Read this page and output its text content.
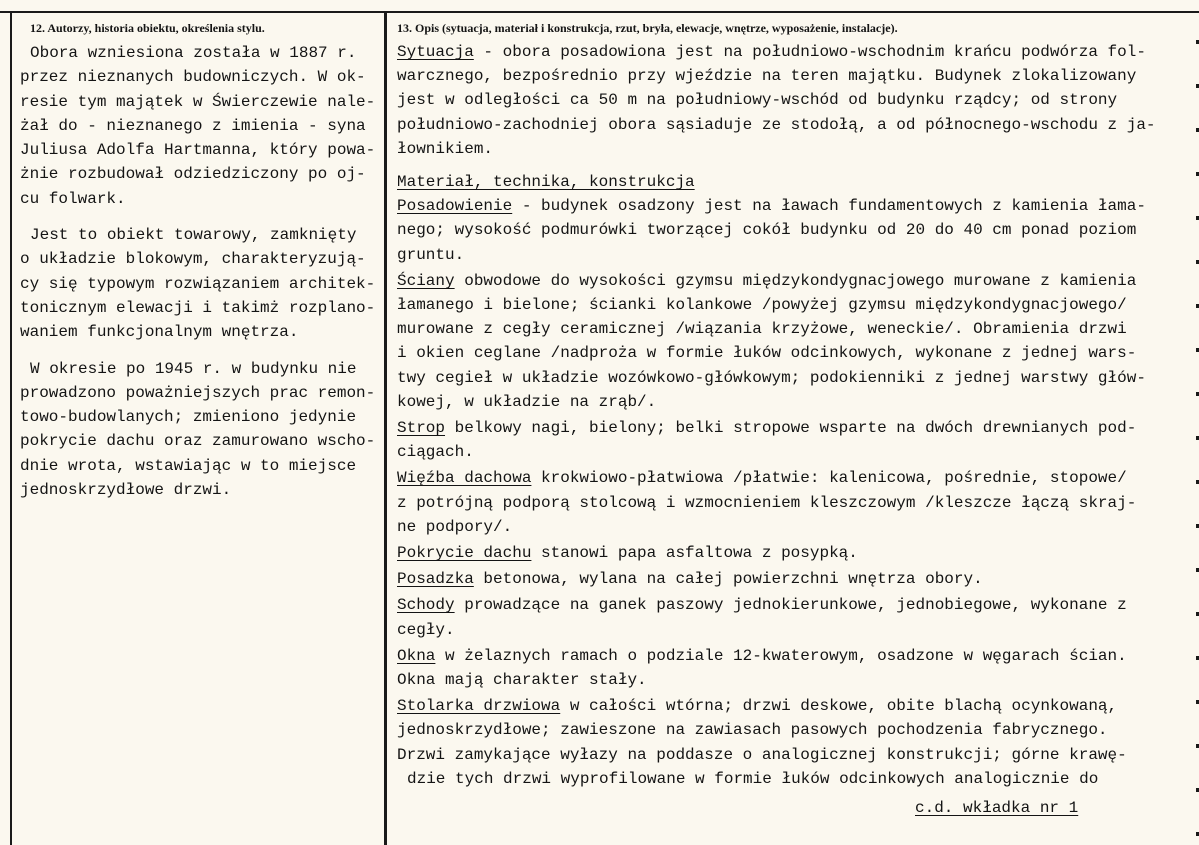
12. Autorzy, historia obiektu, określenia stylu.

Obora wzniesiona została w 1887 r.
przez nieznanych budowniczych. W ok-
resie tym majątek w Świerczewie nale-
żał do - nieznanego z imienia - syna
Juliusa Adolfa Hartmanna, który powa-
żnie rozbudował odziedziczony po oj-
cu folwark.

Jest to obiekt towarowy, zamknięty
o układzie blokowym, charakteryzują-
cy się typowym rozwiązaniem architek-
tonicznym elewacji i takimż rozplano-
waniem funkcjonalnym wnętrza.

W okresie po 1945 r. w budynku nie
prowadzono poważniejszych prac remon-
towo-budowlanych; zmieniono jedynie
pokrycie dachu oraz zamurowano wscho-
dnie wrota, wstawiając w to miejsce
jednoskrzydłowe drzwi.

13. Opis (sytuacja, materiał i konstrukcja, rzut, bryła, elewacje, wnętrze, wyposażenie, instalacje).
Sytuacja - obora posadowiona jest na południowo-wschodnim krańcu podwórza fol-
warcznego, bezpośrednio przy wjeździe na teren majątku. Budynek zlokalizowany
jest w odległości ca 50 m na południowy-wschód od budynku rządcy; od strony
południowo-zachodniej obora sąsiaduje ze stodołą, a od północnego-wschodu z ja-
łownikiem.
Materiał, technika, konstrukcja
Posadowienie - budynek osadzony jest na ławach fundamentowych z kamienia łama-
nego; wysokość podmurówki tworzącej cokół budynku od 20 do 40 cm ponad poziom
gruntu.
Ściany obwodowe do wysokości gzymsu międzykondygnacjowego murowane z kamienia
łamanego i bielone; ścianki kolankowe /powyżej gzymsu międzykondygnacjowego/
murowane z cegły ceramicznej /wiązania krzyżowe, weneckie/. Obramienia drzwi
i okien ceglane /nadproża w formie łuków odcinkowych, wykonane z jednej wars-
twy cegieł w układzie wozówkowo-główkowym; podokienniki z jednej warstwy głów-
kowej, w układzie na zrąb/.
Strop belkowy nagi, bielony; belki stropowe wsparte na dwóch drewnianych pod-
ciągach.
Więźba dachowa krokwiowo-płatwiowa /płatwie: kalenicowa, pośrednie, stopowe/
z potrójną podporą stolcową i wzmocnieniem kleszczowym /kleszcze łączą skraj-
ne podpory/.
Pokrycie dachu stanowi papa asfaltowa z posypką.
Posadzka betonowa, wylana na całej powierzchni wnętrza obory.
Schody prowadzące na ganek paszowy jednokierunkowe, jednobiegowe, wykonane z
cegły.
Okna w żelaznych ramach o podziale 12-kwaterowym, osadzone w węgarach ścian.
Okna mają charakter stały.
Stolarka drzwiowa w całości wtórna; drzwi deskowe, obite blachą ocynkowaną,
jednoskrzydłowe; zawieszone na zawiasach pasowych pochodzenia fabrycznego.
Drzwi zamykające wyłazy na poddasze o analogicznej konstrukcji; górne krawę-
dzie tych drzwi wyprofilowane w formie łuków odcinkowych analogicznie do
c.d. wkładka nr 1
